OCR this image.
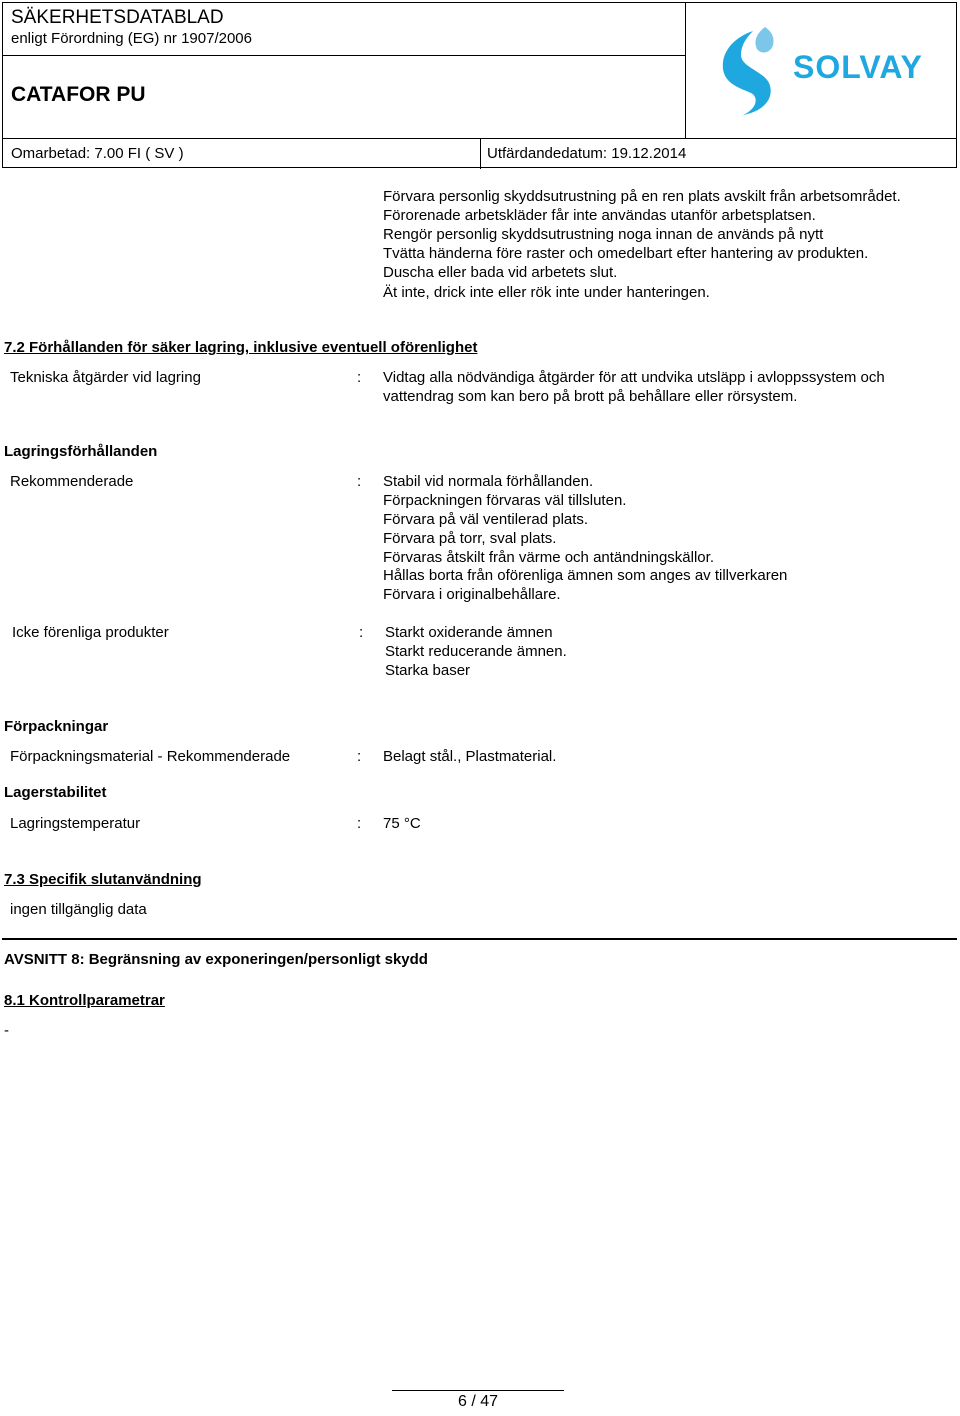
SÄKERHETSDATABLAD
enligt Förordning (EG) nr 1907/2006
CATAFOR PU
Omarbetad: 7.00 FI ( SV )	Utfärdandedatum: 19.12.2014
SOLVAY
Förvara personlig skyddsutrustning på en ren plats avskilt från arbetsområdet.
Förorenade arbetskläder får inte användas utanför arbetsplatsen.
Rengör personlig skyddsutrustning noga innan de används på nytt
Tvätta händerna före raster och omedelbart efter hantering av produkten.
Duscha eller bada vid arbetets slut.
Ät inte, drick inte eller rök inte under hanteringen.
7.2 Förhållanden för säker lagring, inklusive eventuell oförenlighet
Tekniska åtgärder vid lagring	: Vidtag alla nödvändiga åtgärder för att undvika utsläpp i avloppssystem och
vattendrag som kan bero på brott på behållare eller rörsystem.
Lagringsförhållanden
Rekommenderade	: Stabil vid normala förhållanden.
Förpackningen förvaras väl tillsluten.
Förvara på väl ventilerad plats.
Förvara på torr, sval plats.
Förvaras åtskilt från värme och antändningskällor.
Hållas borta från oförenliga ämnen som anges av tillverkaren
Förvara i originalbehållare.
Icke förenliga produkter	: Starkt oxiderande ämnen
Starkt reducerande ämnen.
Starka baser
Förpackningar
Förpackningsmaterial - Rekommenderade	: Belagt stål., Plastmaterial.
Lagerstabilitet
Lagringstemperatur	: 75 °C
7.3 Specifik slutanvändning
ingen tillgänglig data
AVSNITT 8: Begränsning av exponeringen/personligt skydd
8.1 Kontrollparametrar
-
6 / 47
